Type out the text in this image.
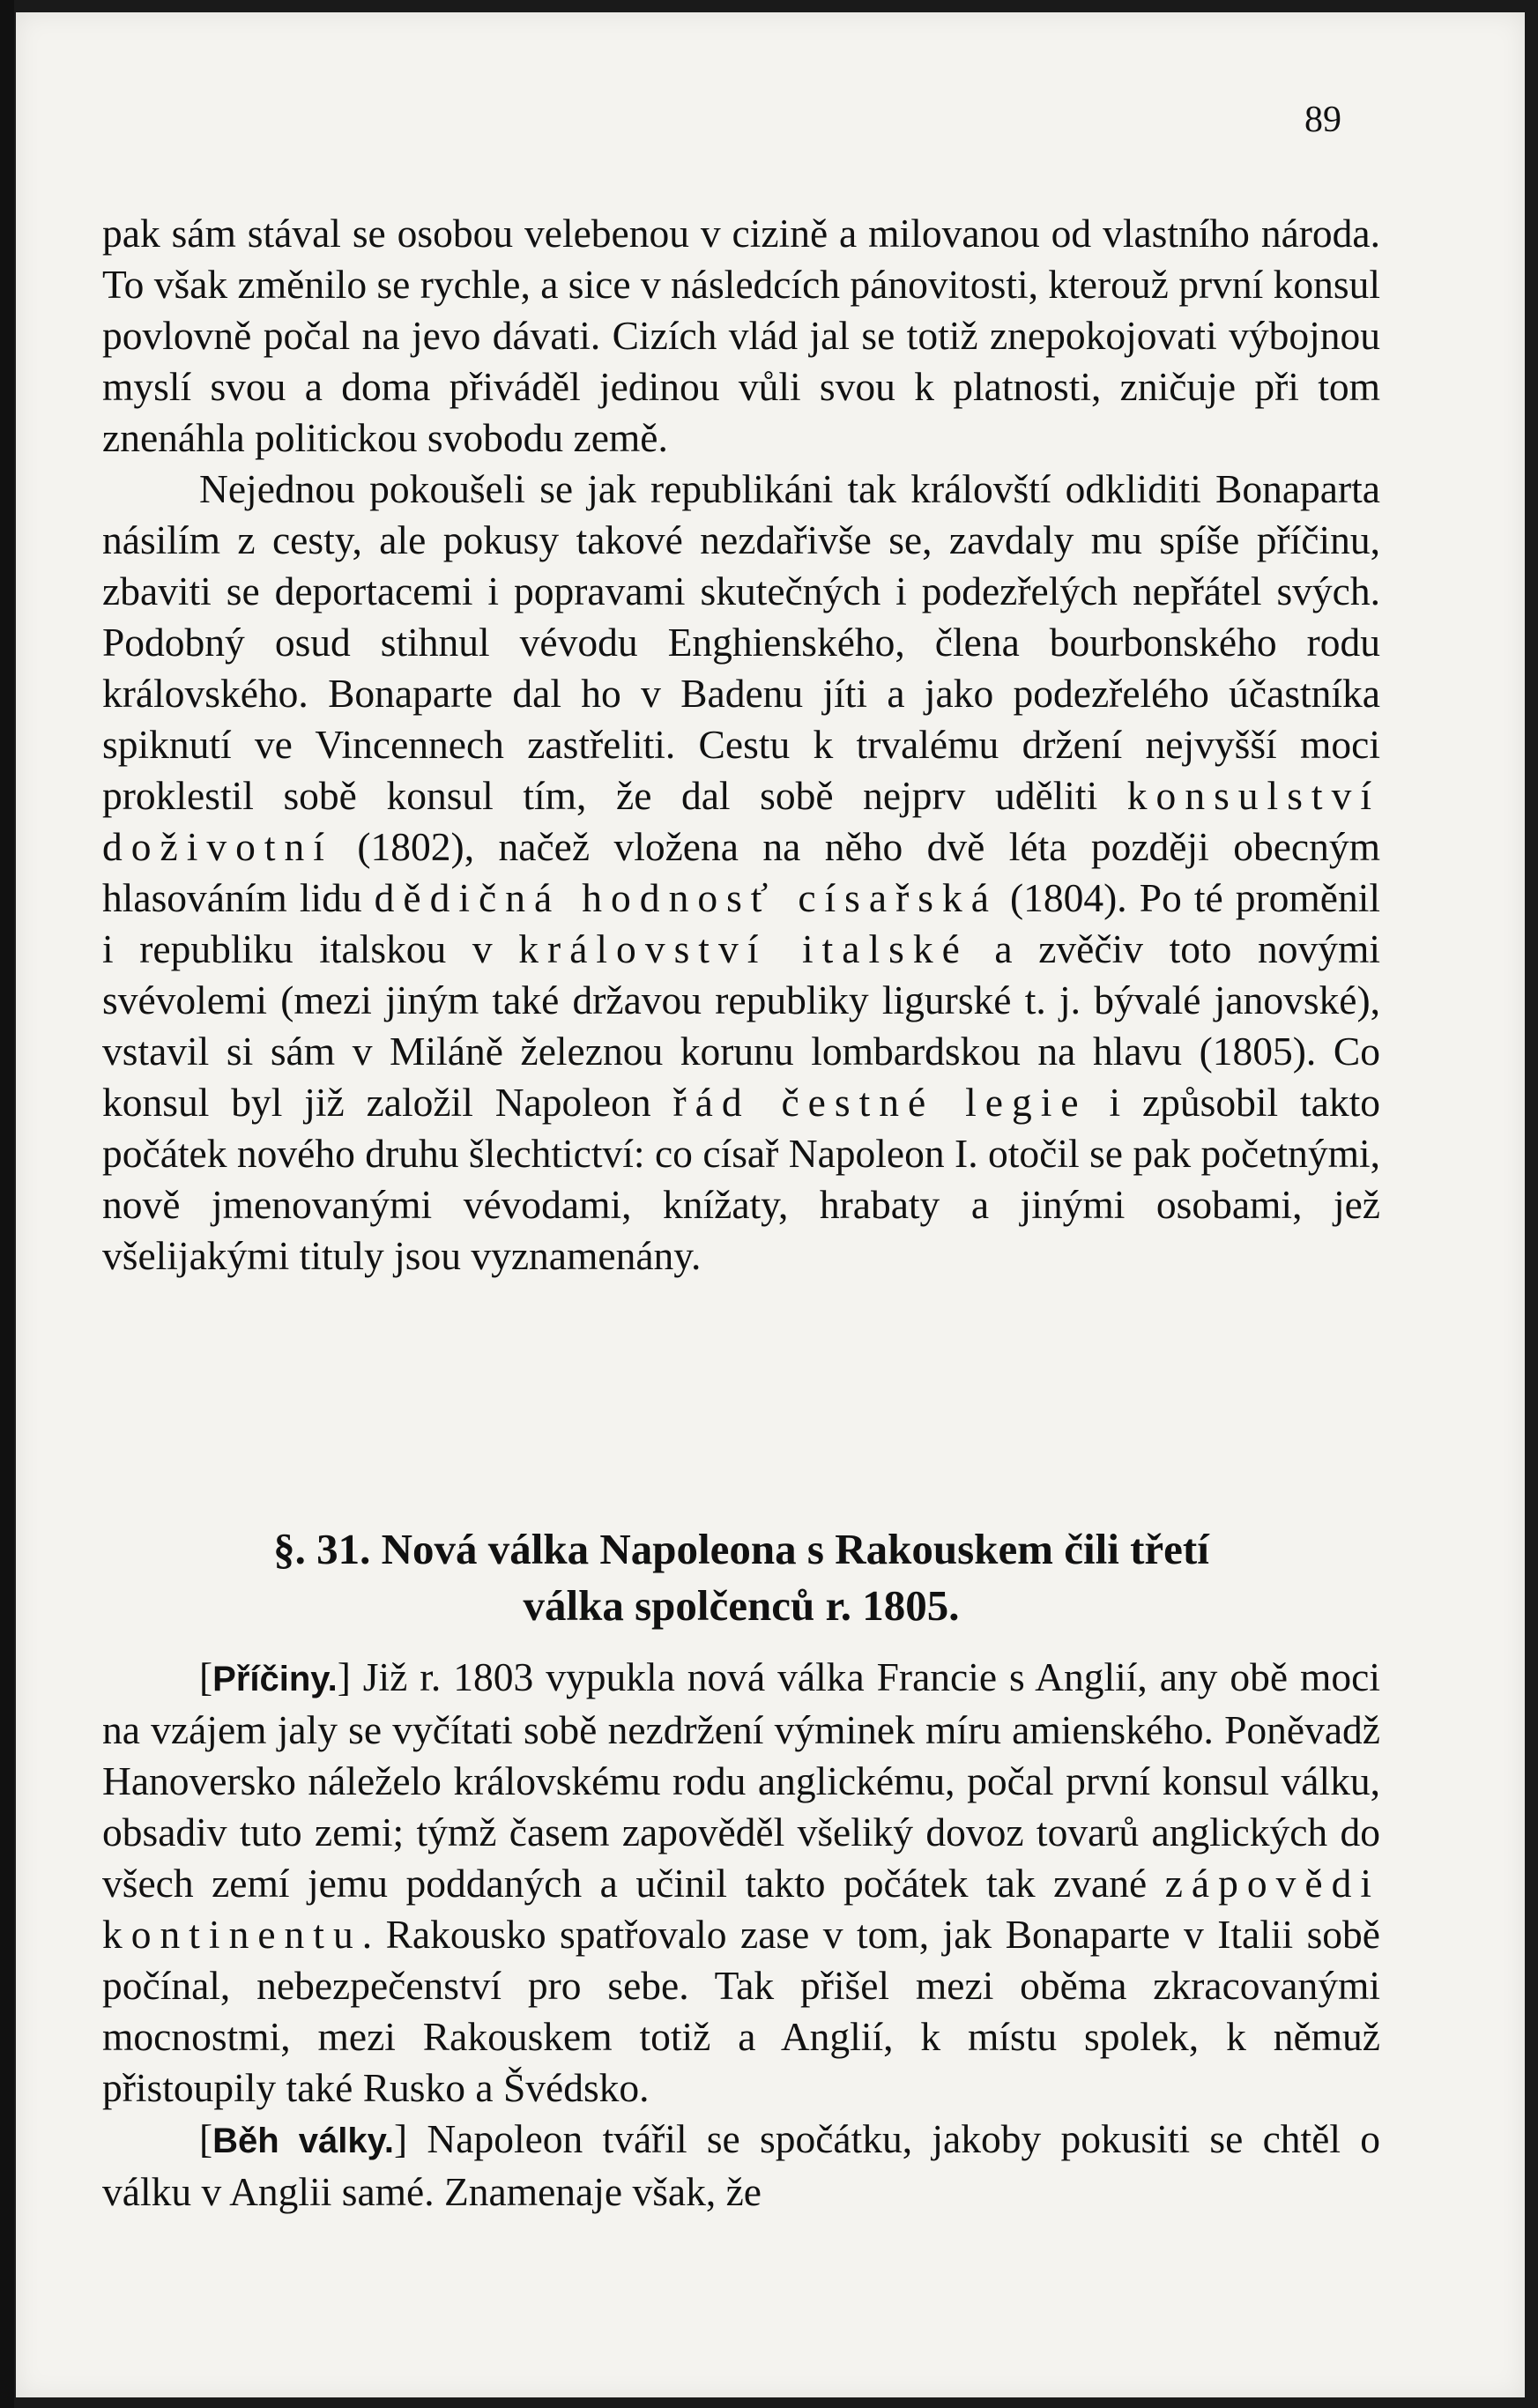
89

pak sám stával se osobou velebenou v cizině a milovanou od vlastního národa. To však změnilo se rychle, a sice v následcích pánovitosti, kterouž první konsul povlovně počal na jevo dávati. Cizích vlád jal se totiž znepokojovati výbojnou myslí svou a doma přiváděl jedinou vůli svou k platnosti, zničuje při tom znenáhla politickou svobodu země.

Nejednou pokoušeli se jak republikáni tak královští odkliditi Bonaparta násilím z cesty, ale pokusy takové nezdařivše se, zavdaly mu spíše příčinu, zbaviti se deportacemi i popravami skutečných i podezřelých nepřátel svých. Podobný osud stihnul vévodu Enghienského, člena bourbonského rodu královského. Bonaparte dal ho v Badenu jíti a jako podezřelého účastníka spiknutí ve Vincennech zastřeliti. Cestu k trvalému držení nejvyšší moci proklestil sobě konsul tím, že dal sobě nejprv uděliti konsulství doživotní (1802), načež vložena na něho dvě léta později obecným hlasováním lidu dědičná hodnosť císařská (1804). Po té proměnil i republiku italskou v království italské a zvěčiv toto novými svévolemi (mezi jiným také državou republiky ligurské t. j. bývalé janovské), vstavil si sám v Miláně železnou korunu lombardskou na hlavu (1805). Co konsul byl již založil Napoleon řád čestné legie i způsobil takto počátek nového druhu šlechtictví: co císař Napoleon I. otočil se pak početnými, nově jmenovanými vévodami, knížaty, hrabaty a jinými osobami, jež všelijakými tituly jsou vyznamenány.

§. 31. Nová válka Napoleona s Rakouskem čili třetí
válka spolčenců r. 1805.

[Příčiny.] Již r. 1803 vypukla nová válka Francie s Anglií, any obě moci na vzájem jaly se vyčítati sobě nezdržení výminek míru amienského. Poněvadž Hanoversko náleželo královskému rodu anglickému, počal první konsul válku, obsadiv tuto zemi; týmž časem zapověděl všeliký dovoz tovarů anglických do všech zemí jemu poddaných a učinil takto počátek tak zvané zápovědi kontinentu. Rakousko spatřovalo zase v tom, jak Bonaparte v Italii sobě počínal, nebezpečenství pro sebe. Tak přišel mezi oběma zkracovanými mocnostmi, mezi Rakouskem totiž a Anglií, k místu spolek, k němuž přistoupily také Rusko a Švédsko.

[Běh války.] Napoleon tvářil se spočátku, jakoby pokusiti se chtěl o válku v Anglii samé. Znamenaje však, že
